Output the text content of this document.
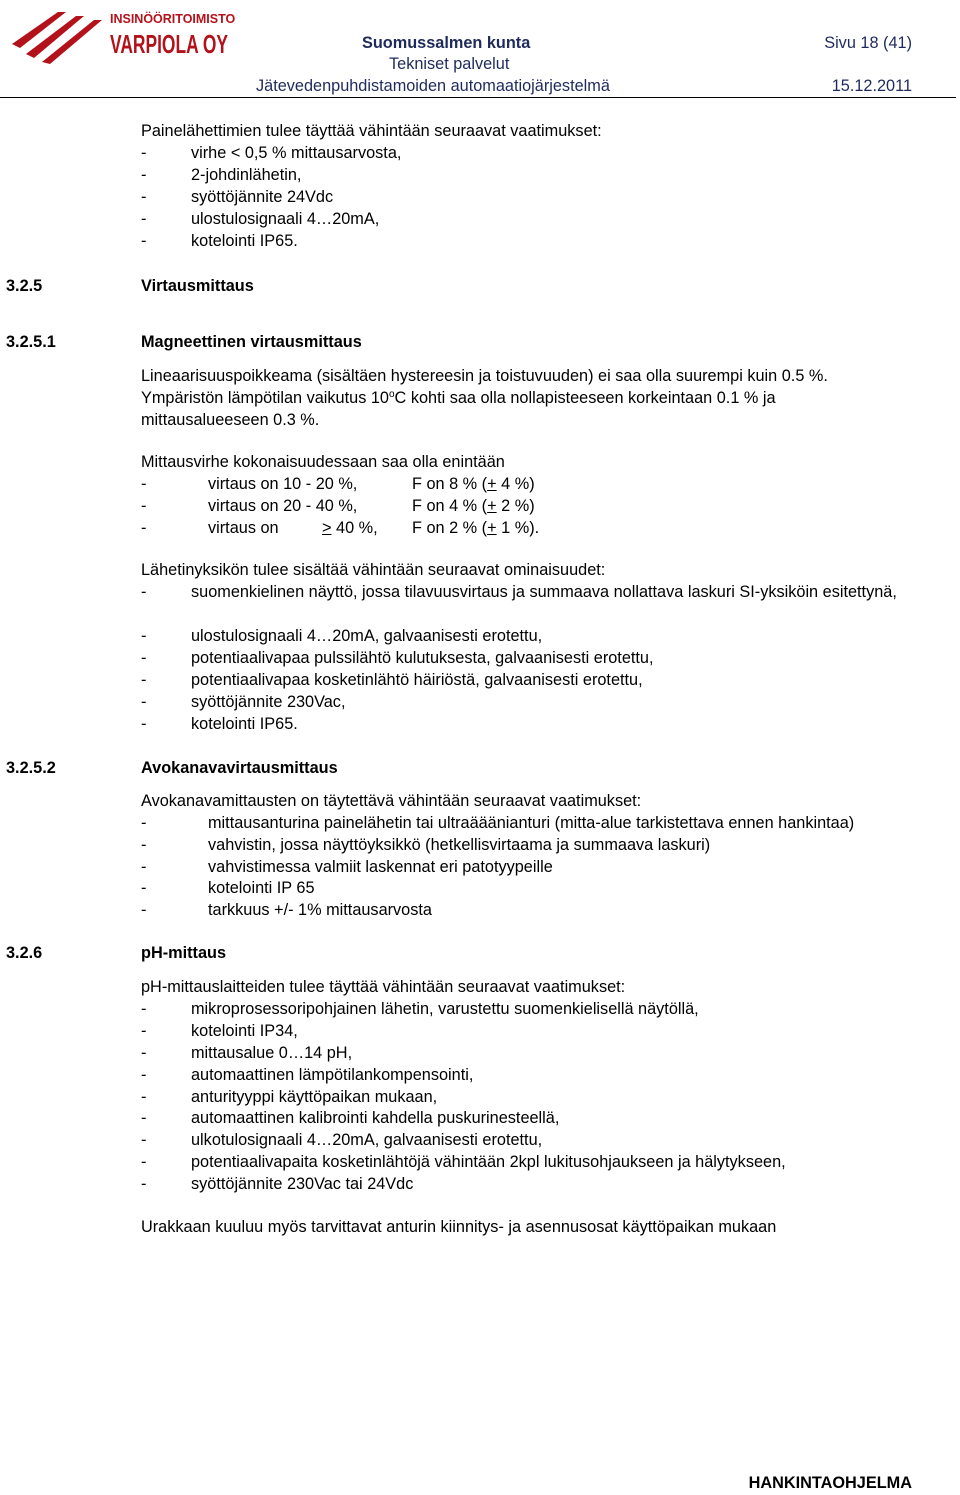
INSINÖÖRITOIMISTO
VARPIOLA OY	Suomussalmen kunta
Tekniset palvelut
Jätevedenpuhdistamoiden automaatiojärjestelmä
Sivu 18 (41)
15.12.2011
Painelähettimien tulee täyttää vähintään seuraavat vaatimukset:
-	virhe < 0,5 % mittausarvosta,
-	2-johdinlähetin,
-	syöttöjännite 24Vdc
-	ulostulosignaali 4…20mA,
-	kotelointi IP65.
3.2.5	Virtausmittaus
3.2.5.1	Magneettinen virtausmittaus
Lineaarisuuspoikkeama (sisältäen hystereesin ja toistuvuuden) ei saa olla suurempi kuin 0.5 %.
Ympäristön lämpötilan vaikutus 10$^o$C kohti saa olla nollapisteeseen korkeintaan 0.1 % ja
mittausalueeseen 0.3 %.
Mittausvirhe kokonaisuudessaan saa olla enintään
-	virtaus on 10 - 20 %,	F on 8 % (+ 4 %)
-	virtaus on 20 - 40 %,	F on 4 % (+ 2 %)
-	virtaus on	> 40 %, F on 2 % (+ 1 %).
Lähetinyksikön tulee sisältää vähintään seuraavat ominaisuudet:
-	suomenkielinen näyttö, jossa tilavuusvirtaus ja summaava nollattava laskuri SI-yksiköin esitettynä,
-	ulostulosignaali 4…20mA, galvaanisesti erotettu,
-	potentiaalivapaa pulssilähtö kulutuksesta, galvaanisesti erotettu,
-	potentiaalivapaa kosketinlähtö häiriöstä, galvaanisesti erotettu,
-	syöttöjännite 230Vac,
-	kotelointi IP65.
3.2.5.2	Avokanavavirtausmittaus
Avokanavamittausten on täytettävä vähintään seuraavat vaatimukset:
-	mittausanturina painelähetin tai ultraääänianturi (mitta-alue tarkistettava ennen hankintaa)
-	vahvistin, jossa näyttöyksikkö (hetkellisvirtaama ja summaava laskuri)
-	vahvistimessa valmiit laskennat eri patotyypeille
-	kotelointi IP 65
-	tarkkuus +/- 1% mittausarvosta
3.2.6	pH-mittaus
pH-mittauslaitteiden tulee täyttää vähintään seuraavat vaatimukset:
-	mikroprosessoripohjainen lähetin, varustettu suomenkielisellä näytöllä,
-	kotelointi IP34,
-	mittausalue 0…14 pH,
-	automaattinen lämpötilankompensointi,
-	anturityyppi käyttöpaikan mukaan,
-	automaattinen kalibrointi kahdella puskurinesteellä,
-	ulkotulosignaali 4…20mA, galvaanisesti erotettu,
-	potentiaalivapaita kosketinlähtöjä vähintään 2kpl lukitusohjaukseen ja hälytykseen,
-	syöttöjännite 230Vac tai 24Vdc
Urakkaan kuuluu myös tarvittavat anturin kiinnitys- ja asennusosat käyttöpaikan mukaan
HANKINTAOHJELMA
